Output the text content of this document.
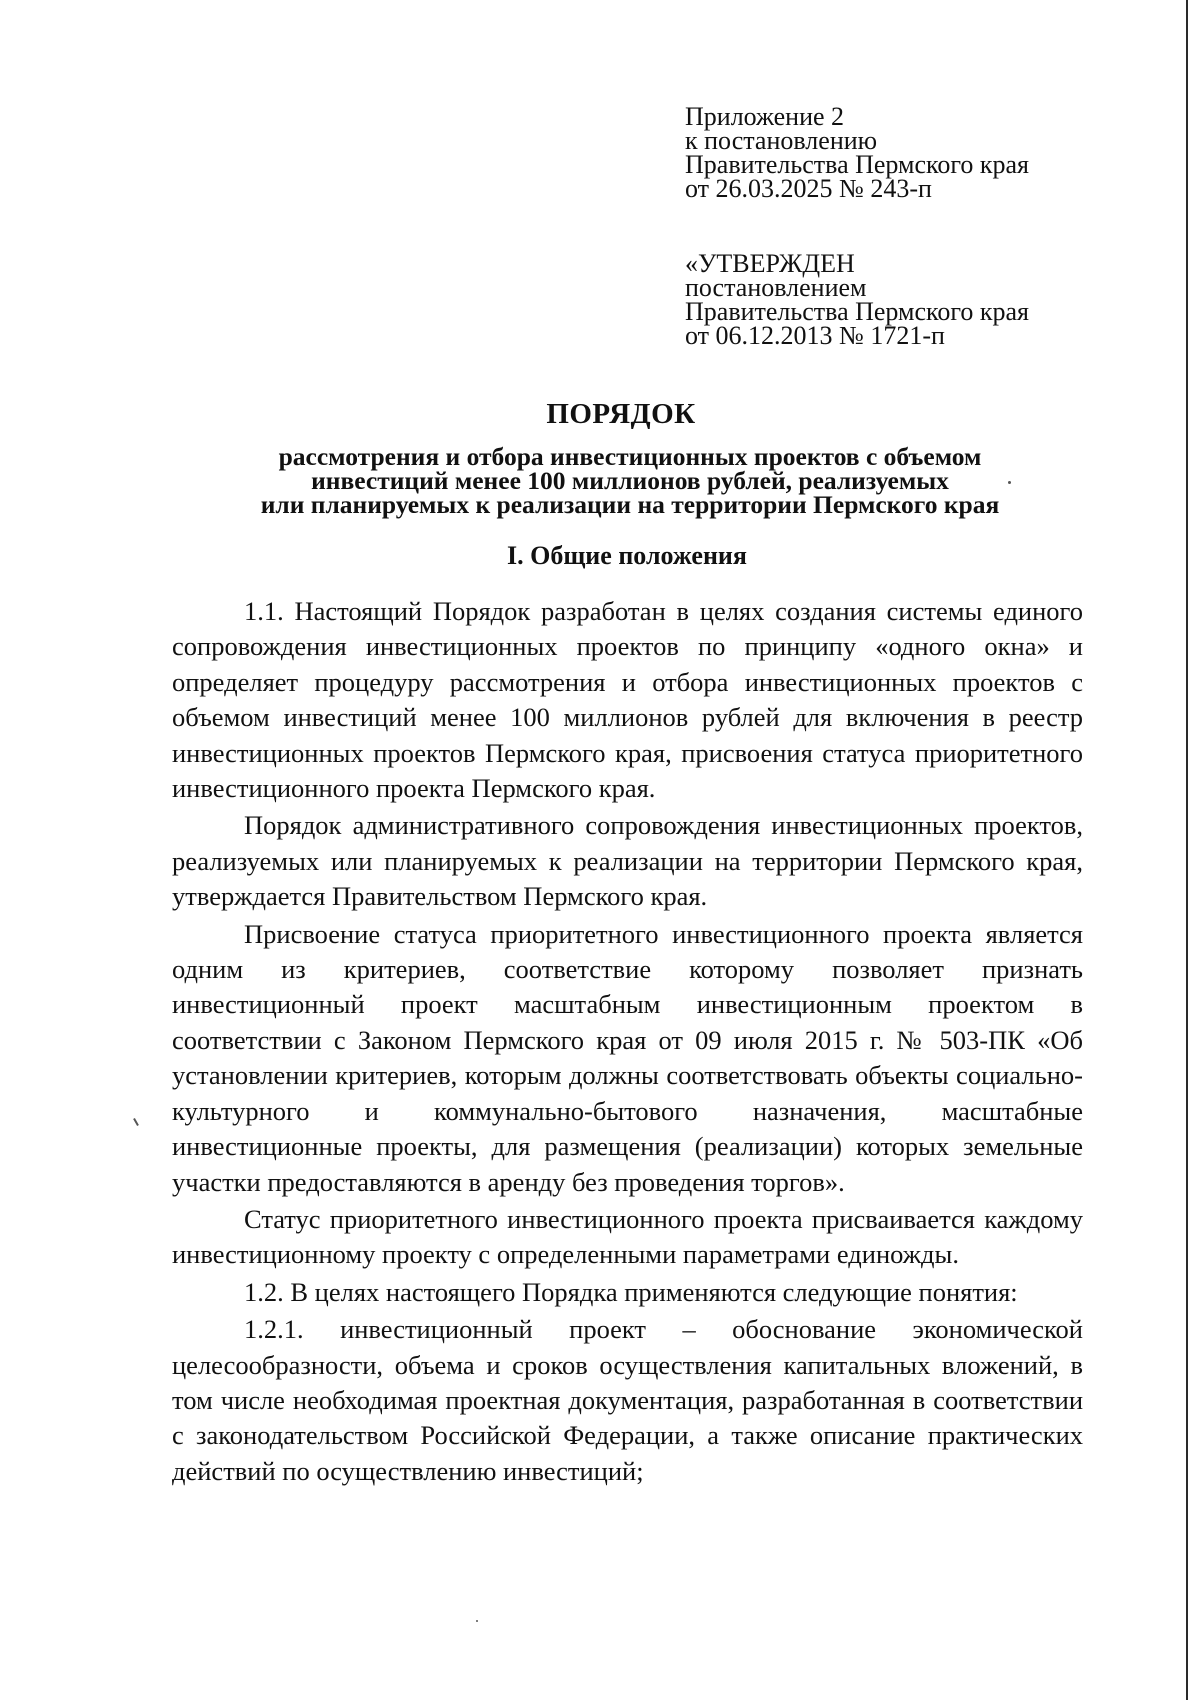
Приложение 2
к постановлению
Правительства Пермского края
от 26.03.2025 № 243-п
«УТВЕРЖДЕН
постановлением
Правительства Пермского края
от 06.12.2013 № 1721-п
ПОРЯДОК
рассмотрения и отбора инвестиционных проектов с объемом
инвестиций менее 100 миллионов рублей, реализуемых
или планируемых к реализации на территории Пермского края
I. Общие положения

1.1. Настоящий Порядок разработан в целях создания системы единого сопровождения инвестиционных проектов по принципу «одного окна» и определяет процедуру рассмотрения и отбора инвестиционных проектов с объемом инвестиций менее 100 миллионов рублей для включения в реестр инвестиционных проектов Пермского края, присвоения статуса приоритетного инвестиционного проекта Пермского края.

Порядок административного сопровождения инвестиционных проектов, реализуемых или планируемых к реализации на территории Пермского края, утверждается Правительством Пермского края.

Присвоение статуса приоритетного инвестиционного проекта является одним из критериев, соответствие которому позволяет признать инвестиционный проект масштабным инвестиционным проектом в соответствии с Законом Пермского края от 09 июля 2015 г. № 503-ПК «Об установлении критериев, которым должны соответствовать объекты социально-культурного и коммунально-бытового назначения, масштабные инвестиционные проекты, для размещения (реализации) которых земельные участки предоставляются в аренду без проведения торгов».

Статус приоритетного инвестиционного проекта присваивается каждому инвестиционному проекту с определенными параметрами единожды.

1.2. В целях настоящего Порядка применяются следующие понятия:

1.2.1. инвестиционный проект – обоснование экономической целесообразности, объема и сроков осуществления капитальных вложений, в том числе необходимая проектная документация, разработанная в соответствии с законодательством Российской Федерации, а также описание практических действий по осуществлению инвестиций;
